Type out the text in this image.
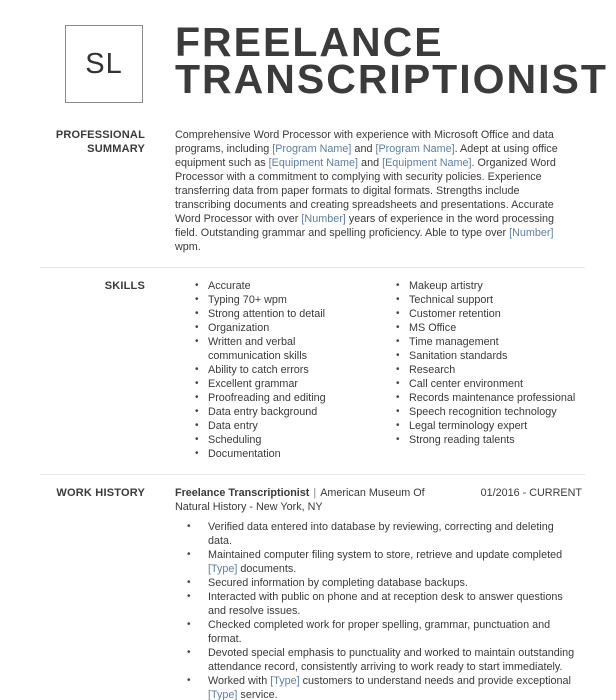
SL FREELANCE
TRANSCRIPTIONIST
PROFESSIONAL SUMMARY
Comprehensive Word Processor with experience with Microsoft Office and data programs, including [Program Name] and [Program Name]. Adept at using office equipment such as [Equipment Name] and [Equipment Name]. Organized Word Processor with a commitment to complying with security policies. Experience transferring data from paper formats to digital formats. Strengths include transcribing documents and creating spreadsheets and presentations. Accurate Word Processor with over [Number] years of experience in the word processing field. Outstanding grammar and spelling proficiency. Able to type over [Number] wpm.
SKILLS
•	Accurate
• Typing 70+ wpm
• Strong attention to detail
• Organization
• Written and verbal communication skills
• Ability to catch errors
• Excellent grammar
• Proofreading and editing
• Data entry background
• Data entry
• Scheduling
• Documentation
• Makeup artistry
• Technical support
• Customer retention
• MS Office
• Time management
• Sanitation standards
• Research
• Call center environment
• Records maintenance professional
• Speech recognition technology
• Legal terminology expert
• Strong reading talents
WORK HISTORY	Freelance Transcriptionist | American Museum Of Natural History - New York, NY
01/2016 - CURRENT
• Verified data entered into database by reviewing, correcting and deleting data.
• Maintained computer filing system to store, retrieve and update completed [Type] documents.
• Secured information by completing database backups.
• Interacted with public on phone and at reception desk to answer questions and resolve issues.
• Checked completed work for proper spelling, grammar, punctuation and format.
• Devoted special emphasis to punctuality and worked to maintain outstanding attendance record, consistently arriving to work ready to start immediately.
• Worked with [Type] customers to understand needs and provide exceptional [Type] service.
